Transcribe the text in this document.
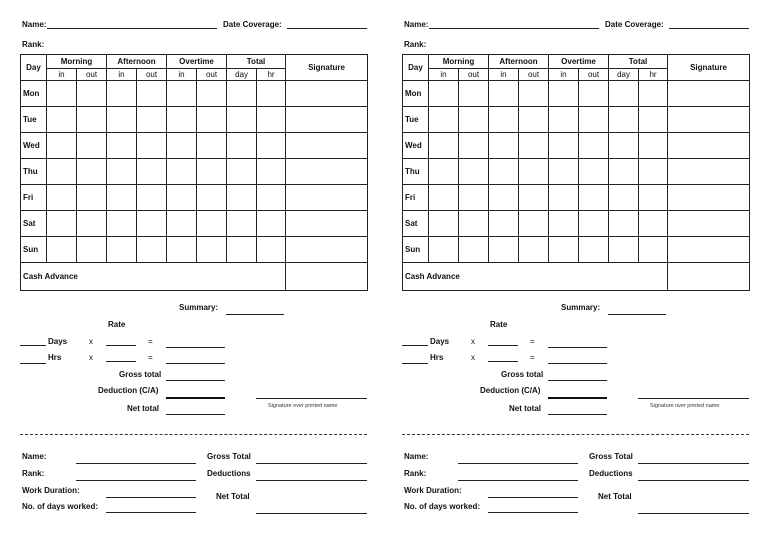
Name:	Date Coverage:
Rank:
Day	Morning		Afternoon		Overtime		Total		Signature
	in	out	in	out	in	out	day	hr	
Mon									
Tue									
Wed									
Thu									
Fri									
Sat									
Sun									
Cash Advance									
Summary:
Rate
Days	x	=
Hrs	x	=
Gross total
Deduction (C/A)
Net total	Signature over printed name
Name:
Rank:
Work Duration:
No. of days worked:
Gross Total
Deductions
Net Total
Name:	Date Coverage:
Rank:
Day	Morning		Afternoon		Overtime		Total		Signature
	in	out	in	out	in	out	day	hr	
Mon									
Tue									
Wed									
Thu									
Fri									
Sat									
Sun									
Cash Advance									
Summary:
Rate
Days	x	=
Hrs	x	=
Gross total
Deduction (C/A)
Net total	Signature over printed name
Name:
Rank:
Work Duration:
No. of days worked:
Gross Total
Deductions
Net Total
